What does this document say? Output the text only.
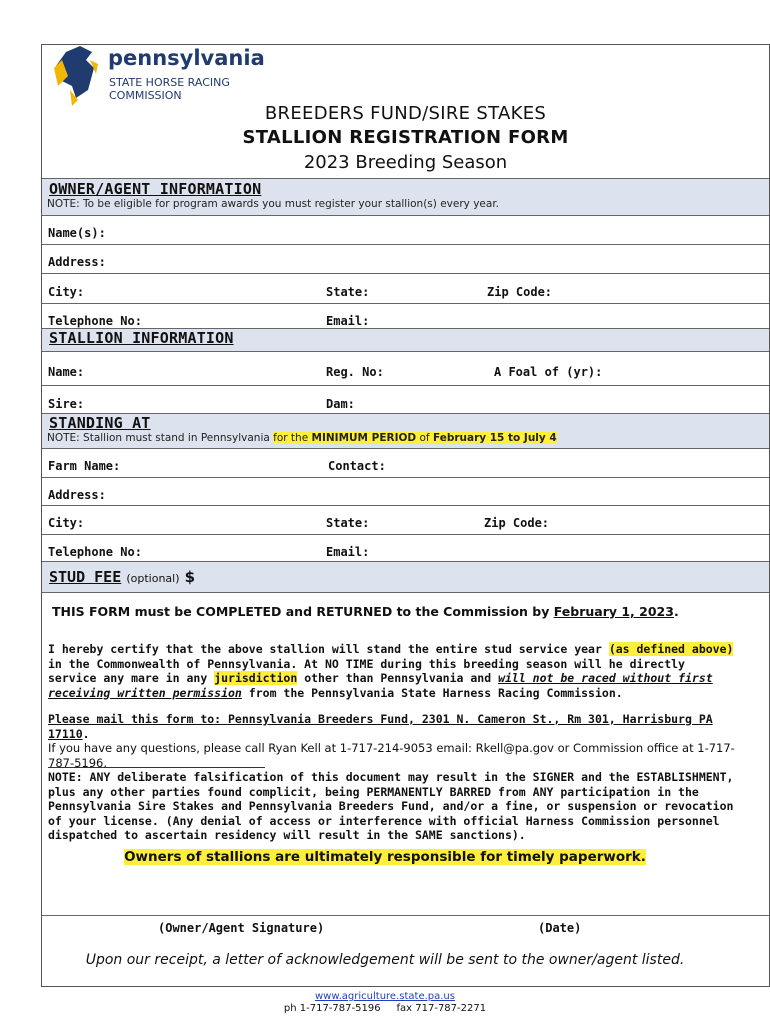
pennsylvania
STATE HORSE RACING
COMMISSION
BREEDERS FUND/SIRE STAKES
STALLION REGISTRATION FORM
2023 Breeding Season
OWNER/AGENT INFORMATION
NOTE: To be eligible for program awards you must register your stallion(s) every year.
Name(s):
Address:
City:	State:	Zip Code:
Telephone No:	Email:
STALLION INFORMATION
Name:	Reg. No:	A Foal of (yr):
Sire:	Dam:
STANDING AT
NOTE: Stallion must stand in Pennsylvania for the MINIMUM PERIOD of February 15 to July 4
Farm Name:	Contact:
Address:
City:	State:	Zip Code:
Telephone No:	Email:
STUD FEE (optional) $
THIS FORM must be COMPLETED and RETURNED to the Commission by February 1, 2023.
I hereby certify that the above stallion will stand the entire stud service year (as defined above) in the Commonwealth of Pennsylvania. At NO TIME during this breeding season will he directly service any mare in any jurisdiction other than Pennsylvania and will not be raced without first receiving written permission from the Pennsylvania State Harness Racing Commission.
Please mail this form to: Pennsylvania Breeders Fund, 2301 N. Cameron St., Rm 301, Harrisburg PA 17110.
If you have any questions, please call Ryan Kell at 1-717-214-9053 email: Rkell@pa.gov or Commission office at 1-717-787-5196.
NOTE: ANY deliberate falsification of this document may result in the SIGNER and the ESTABLISHMENT, plus any other parties found complicit, being PERMANENTLY BARRED from ANY participation in the Pennsylvania Sire Stakes and Pennsylvania Breeders Fund, and/or a fine, or suspension or revocation of your license. (Any denial of access or interference with official Harness Commission personnel dispatched to ascertain residency will result in the SAME sanctions).
Owners of stallions are ultimately responsible for timely paperwork.
(Owner/Agent Signature)	(Date)
Upon our receipt, a letter of acknowledgement will be sent to the owner/agent listed.
www.agriculture.state.pa.us
ph 1-717-787-5196 fax 717-787-2271
